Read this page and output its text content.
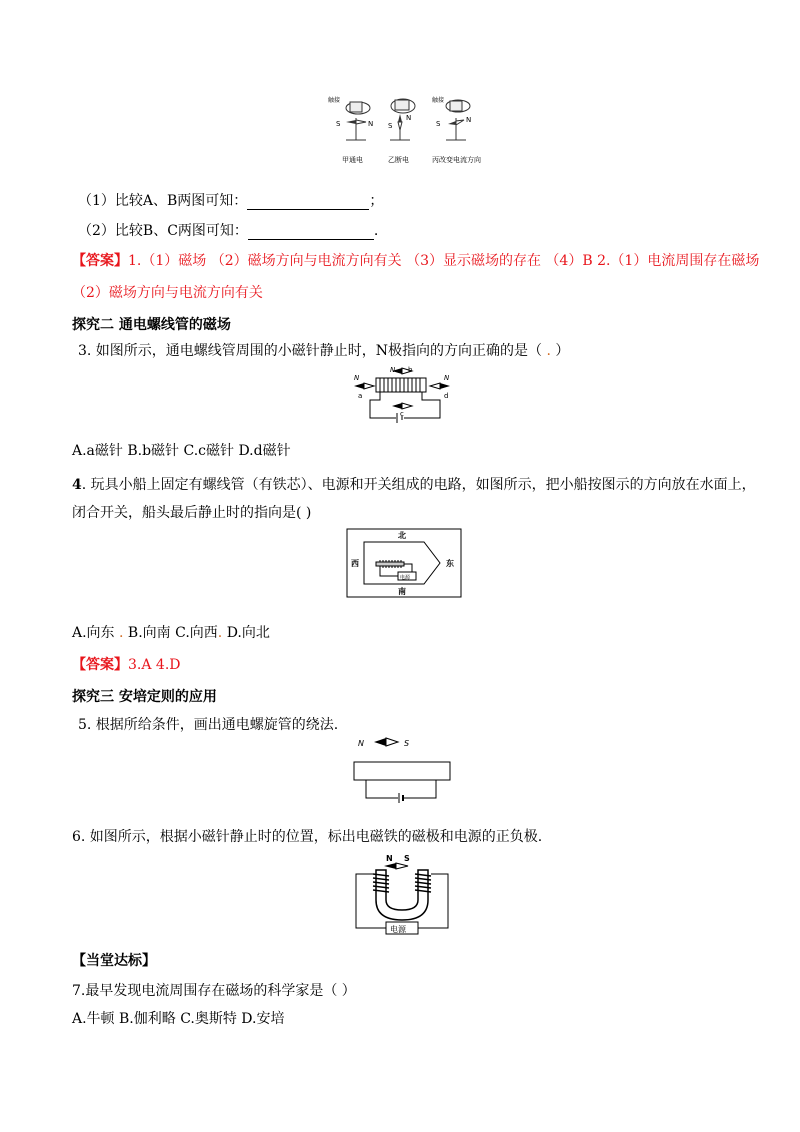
触接	触接
S	N S
N
S	N
甲通电	乙断电	丙改变电流方向
（1）比较A、B两图可知：	；
（2）比较B、C两图可知：	.
【答案】1.（1）磁场 （2）磁场方向与电流方向有关 （3）显示磁场的存在 （4）B 2.（1）电流周围存在磁场
（2）磁场方向与电流方向有关
探究二 通电螺线管的磁场
3. 如图所示，通电螺线管周围的小磁针静止时，N极指向的方向正确的是（ . ）
N
a
b
N
c
N
d
A.a磁针 B.b磁针 C.c磁针 D.d磁针
4. 玩具小船上固定有螺线管（有铁芯）、电源和开关组成的电路，如图所示，把小船按图示的方向放在水面上，
闭合开关，船头最后静止时的指向是( )
北
南
西	东
电源
A.向东 . B.向南 C.向西. D.向北
【答案】3.A 4.D
探究三 安培定则的应用
5. 根据所给条件，画出通电螺旋管的绕法.
N	S
6. 如图所示，根据小磁针静止时的位置，标出电磁铁的磁极和电源的正负极.
N S
电源
【当堂达标】
7.最早发现电流周围存在磁场的科学家是（ ）
A.牛顿 B.伽利略 C.奥斯特 D.安培
